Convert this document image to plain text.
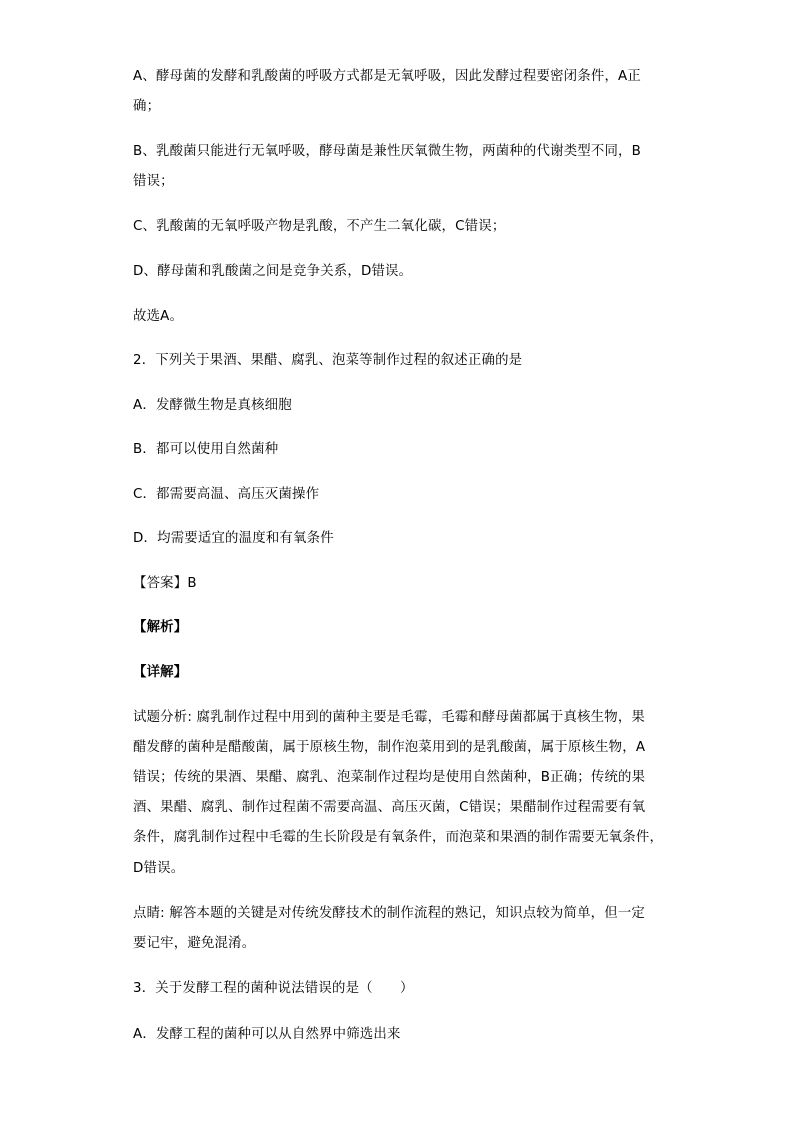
A、酵母菌的发酵和乳酸菌的呼吸方式都是无氧呼吸，因此发酵过程要密闭条件，A正
确；
B、乳酸菌只能进行无氧呼吸，酵母菌是兼性厌氧微生物，两菌种的代谢类型不同，B
错误；
C、乳酸菌的无氧呼吸产物是乳酸，不产生二氧化碳，C错误；
D、酵母菌和乳酸菌之间是竞争关系，D错误。
故选A。
2．下列关于果酒、果醋、腐乳、泡菜等制作过程的叙述正确的是
A．发酵微生物是真核细胞
B．都可以使用自然菌种
C．都需要高温、高压灭菌操作
D．均需要适宜的温度和有氧条件
【答案】B
【解析】
【详解】
试题分析: 腐乳制作过程中用到的菌种主要是毛霉，毛霉和酵母菌都属于真核生物，果
醋发酵的菌种是醋酸菌，属于原核生物，制作泡菜用到的是乳酸菌，属于原核生物，A
错误；传统的果酒、果醋、腐乳、泡菜制作过程均是使用自然菌种，B正确；传统的果
酒、果醋、腐乳、制作过程菌不需要高温、高压灭菌，C错误；果醋制作过程需要有氧
条件，腐乳制作过程中毛霉的生长阶段是有氧条件，而泡菜和果酒的制作需要无氧条件，
D错误。
点睛: 解答本题的关键是对传统发酵技术的制作流程的熟记，知识点较为简单，但一定
要记牢，避免混淆。
3．关于发酵工程的菌种说法错误的是（　　）
A．发酵工程的菌种可以从自然界中筛选出来
